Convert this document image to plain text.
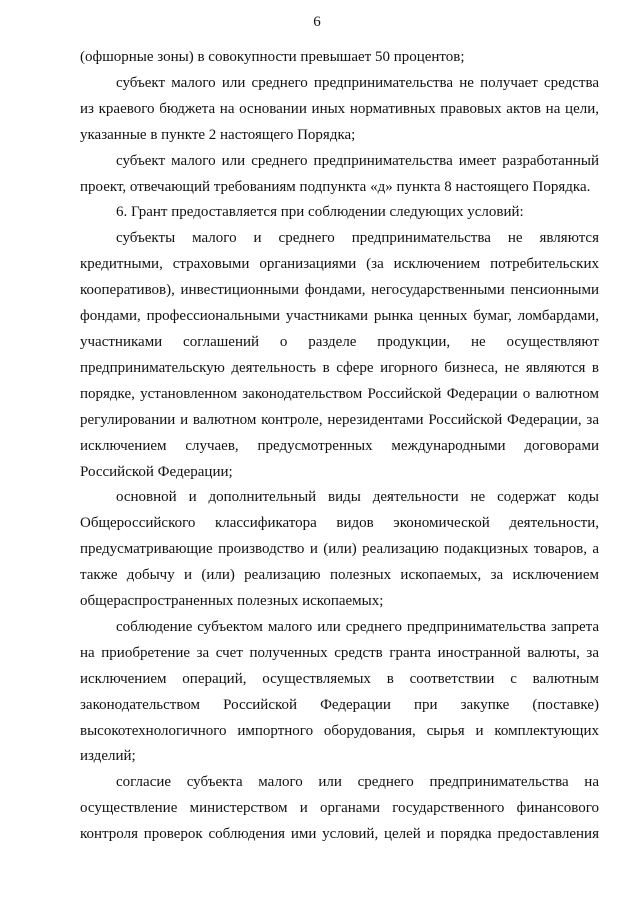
6
(офшорные зоны) в совокупности превышает 50 процентов;
субъект малого или среднего предпринимательства не получает средства
из краевого бюджета на основании иных нормативных правовых актов на цели,
указанные в пункте 2 настоящего Порядка;
субъект малого или среднего предпринимательства имеет разработанный
проект, отвечающий требованиям подпункта «д» пункта 8 настоящего Порядка.
6. Грант предоставляется при соблюдении следующих условий:
субъекты малого и среднего предпринимательства не являются
кредитными, страховыми организациями (за исключением потребительских
кооперативов), инвестиционными фондами, негосударственными пенсионными
фондами, профессиональными участниками рынка ценных бумаг, ломбардами,
участниками соглашений о разделе продукции, не осуществляют
предпринимательскую деятельность в сфере игорного бизнеса, не являются в
порядке, установленном законодательством Российской Федерации о валютном
регулировании и валютном контроле, нерезидентами Российской Федерации, за
исключением случаев, предусмотренных международными договорами
Российской Федерации;
основной и дополнительный виды деятельности не содержат коды
Общероссийского классификатора видов экономической деятельности,
предусматривающие производство и (или) реализацию подакцизных товаров, а
также добычу и (или) реализацию полезных ископаемых, за исключением
общераспространенных полезных ископаемых;
соблюдение субъектом малого или среднего предпринимательства запрета
на приобретение за счет полученных средств гранта иностранной валюты, за
исключением операций, осуществляемых в соответствии с валютным
законодательством Российской Федерации при закупке (поставке)
высокотехнологичного импортного оборудования, сырья и комплектующих
изделий;
согласие субъекта малого или среднего предпринимательства на
осуществление министерством и органами государственного финансового
контроля проверок соблюдения ими условий, целей и порядка предоставления
